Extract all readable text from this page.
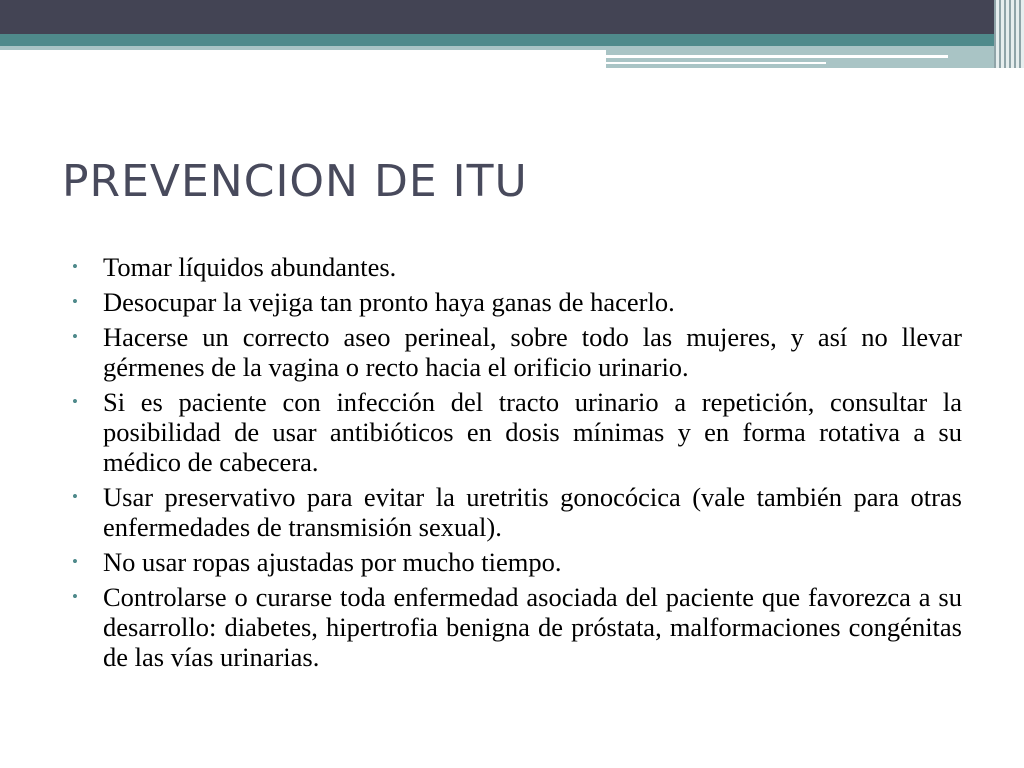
PREVENCION DE ITU
• Tomar líquidos abundantes.
• Desocupar la vejiga tan pronto haya ganas de hacerlo.
• Hacerse un correcto aseo perineal, sobre todo las mujeres, y así no llevar gérmenes de la vagina o recto hacia el orificio urinario.
• Si es paciente con infección del tracto urinario a repetición, consultar la posibilidad de usar antibióticos en dosis mínimas y en forma rotativa a su médico de cabecera.
• Usar preservativo para evitar la uretritis gonocócica (vale también para otras enfermedades de transmisión sexual).
• No usar ropas ajustadas por mucho tiempo.
• Controlarse o curarse toda enfermedad asociada del paciente que favorezca a su desarrollo: diabetes, hipertrofia benigna de próstata, malformaciones congénitas de las vías urinarias.
